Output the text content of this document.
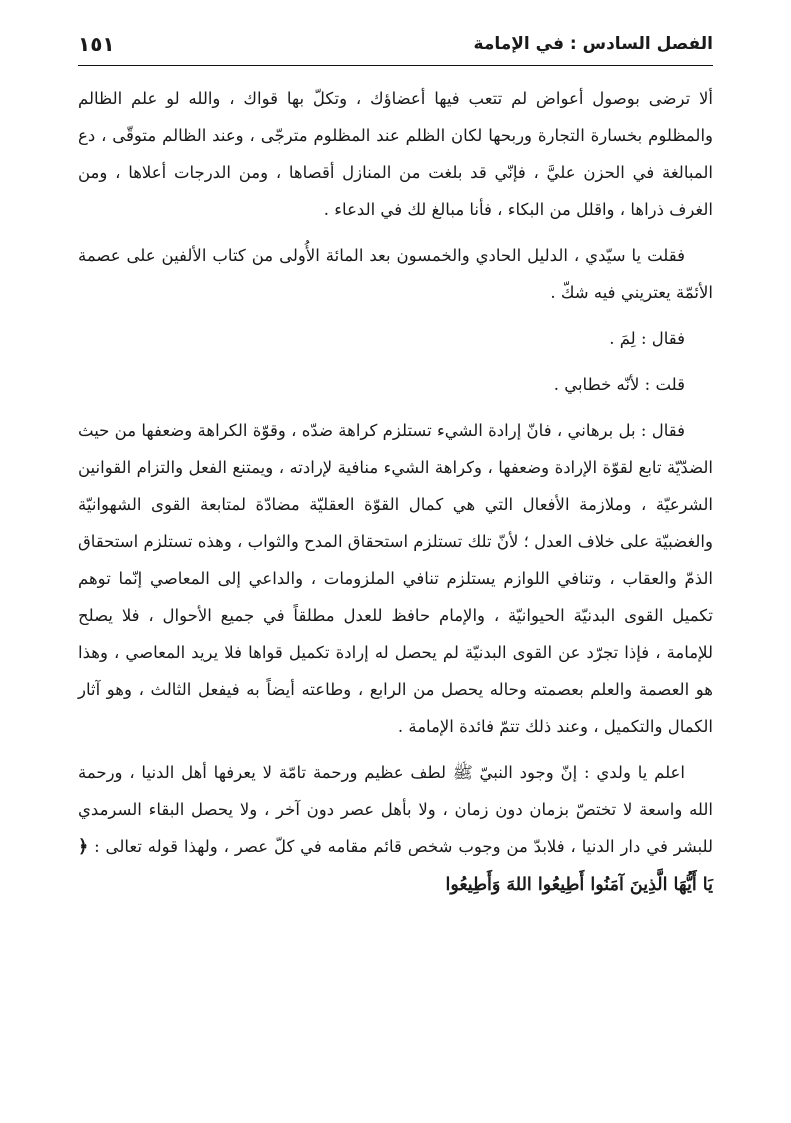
الفصل السادس : في الإمامة
١٥١

ألا ترضى بوصول أعواض لم تتعب فيها أعضاؤك ، وتكلّ بها قواك ، والله لو علم الظالم والمظلوم بخسارة التجارة وربحها لكان الظلم عند المظلوم مترجّى ، وعند الظالم متوقّى ، دع المبالغة في الحزن عليَّ ، فإنّي قد بلغت من المنازل أقصاها ، ومن الدرجات أعلاها ، ومن الغرف ذراها ، واقلل من البكاء ، فأنا مبالغ لك في الدعاء .

فقلت يا سيّدي ، الدليل الحادي والخمسون بعد المائة الأُولى من كتاب الألفين على عصمة الأئمّة يعتريني فيه شكّ .

فقال : لِمَ .

قلت : لأنّه خطابي .

فقال : بل برهاني ، فانّ إرادة الشيء تستلزم كراهة ضدّه ، وقوّة الكراهة وضعفها من حيث الضدّيّة تابع لقوّة الإرادة وضعفها ، وكراهة الشيء منافية لإرادته ، ويمتنع الفعل والتزام القوانين الشرعيّة ، وملازمة الأفعال التي هي كمال القوّة العقليّة مضادّة لمتابعة القوى الشهوانيّة والغضبيّة على خلاف العدل ؛ لأنّ تلك تستلزم استحقاق المدح والثواب ، وهذه تستلزم استحقاق الذمّ والعقاب ، وتنافي اللوازم يستلزم تنافي الملزومات ، والداعي إلى المعاصي إنّما توهم تكميل القوى البدنيّة الحيوانيّة ، والإمام حافظ للعدل مطلقاً في جميع الأحوال ، فلا يصلح للإمامة ، فإذا تجرّد عن القوى البدنيّة لم يحصل له إرادة تكميل قواها فلا يريد المعاصي ، وهذا هو العصمة والعلم بعصمته وحاله يحصل من الرابع ، وطاعته أيضاً به فيفعل الثالث ، وهو آثار الكمال والتكميل ، وعند ذلك تتمّ فائدة الإمامة .

اعلم يا ولدي : إنّ وجود النبيّ ﷺ لطف عظيم ورحمة تامّة لا يعرفها أهل الدنيا ، ورحمة الله واسعة لا تختصّ بزمان دون زمان ، ولا بأهل عصر دون آخر ، ولا يحصل البقاء السرمدي للبشر في دار الدنيا ، فلابدّ من وجوب شخص قائم مقامه في كلّ عصر ، ولهذا قوله تعالى : ﴿ يَا أَيُّهَا الَّذِينَ آمَنُوا أَطِيعُوا اللهَ وَأَطِيعُوا
